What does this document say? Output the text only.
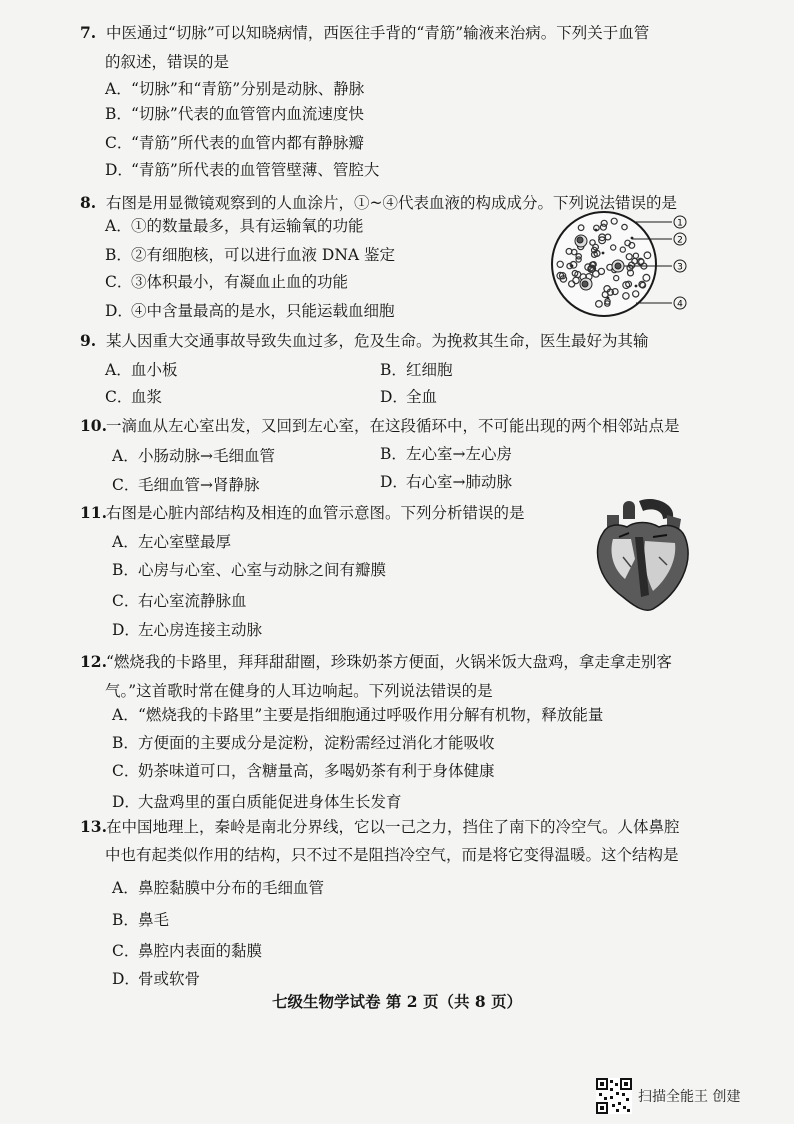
7. 中医通过“切脉”可以知晓病情，西医往手背的“青筋”输液来治病。下列关于血管
的叙述，错误的是
A．“切脉”和“青筋”分别是动脉、静脉
B．“切脉”代表的血管管内血流速度快
C．“青筋”所代表的血管内都有静脉瓣
D．“青筋”所代表的血管管壁薄、管腔大
8. 右图是用显微镜观察到的人血涂片，①~④代表血液的构成成分。下列说法错误的是
A．①的数量最多，具有运输氧的功能
B．②有细胞核，可以进行血液 DNA 鉴定
C．③体积最小，有凝血止血的功能
D．④中含量最高的是水，只能运载血细胞
1
2
3
4
9. 某人因重大交通事故导致失血过多，危及生命。为挽救其生命，医生最好为其输
A．血小板	B．红细胞
C．血浆	D．全血
10.一滴血从左心室出发，又回到左心室，在这段循环中，不可能出现的两个相邻站点是
A．小肠动脉→毛细血管	B．左心室→左心房
C．毛细血管→肾静脉	D．右心室→肺动脉
11.右图是心脏内部结构及相连的血管示意图。下列分析错误的是
A．左心室壁最厚
B．心房与心室、心室与动脉之间有瓣膜
C．右心室流静脉血
D．左心房连接主动脉
12.“燃烧我的卡路里，拜拜甜甜圈，珍珠奶茶方便面，火锅米饭大盘鸡，拿走拿走别客
气。”这首歌时常在健身的人耳边响起。下列说法错误的是
A．“燃烧我的卡路里”主要是指细胞通过呼吸作用分解有机物，释放能量
B．方便面的主要成分是淀粉，淀粉需经过消化才能吸收
C．奶茶味道可口，含糖量高，多喝奶茶有利于身体健康
D．大盘鸡里的蛋白质能促进身体生长发育
13.在中国地理上，秦岭是南北分界线，它以一己之力，挡住了南下的冷空气。人体鼻腔
中也有起类似作用的结构，只不过不是阻挡冷空气，而是将它变得温暖。这个结构是
A．鼻腔黏膜中分布的毛细血管
B．鼻毛
C．鼻腔内表面的黏膜
D．骨或软骨
七级生物学试卷 第 2 页（共 8 页）
扫描全能王 创建
